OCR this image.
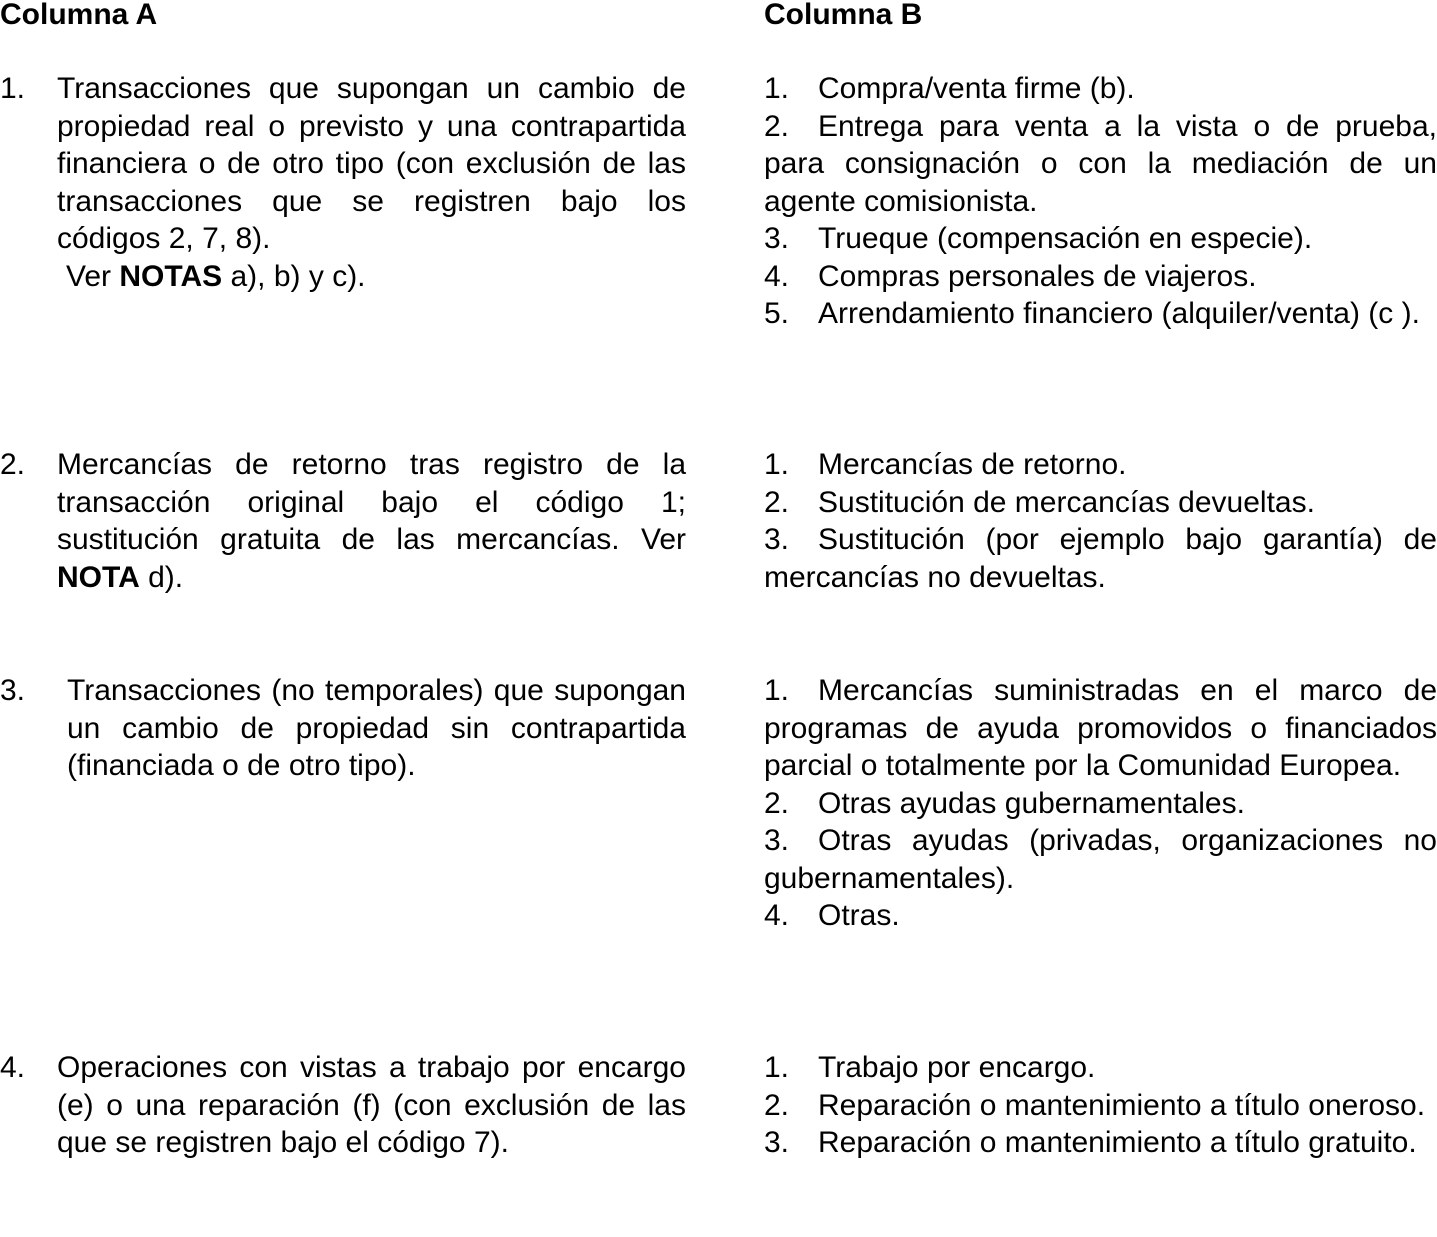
Columna A	Columna B
1. Transacciones que supongan un cambio de propiedad real o previsto y una contrapartida financiera o de otro tipo (con exclusión de las transacciones que se registren bajo los códigos 2, 7, 8).
Ver NOTAS a), b) y c).
1. Compra/venta firme (b).
2. Entrega para venta a la vista o de prueba, para consignación o con la mediación de un agente comisionista.
3. Trueque (compensación en especie).
4. Compras personales de viajeros.
5. Arrendamiento financiero (alquiler/venta) (c ).
2. Mercancías de retorno tras registro de la transacción original bajo el código 1; sustitución gratuita de las mercancías. Ver NOTA d).
1. Mercancías de retorno.
2. Sustitución de mercancías devueltas.
3. Sustitución (por ejemplo bajo garantía) de mercancías no devueltas.
3. Transacciones (no temporales) que supongan un cambio de propiedad sin contrapartida (financiada o de otro tipo).
1. Mercancías suministradas en el marco de programas de ayuda promovidos o financiados parcial o totalmente por la Comunidad Europea.
2. Otras ayudas gubernamentales.
3. Otras ayudas (privadas, organizaciones no gubernamentales).
4. Otras.
4. Operaciones con vistas a trabajo por encargo (e) o una reparación (f) (con exclusión de las que se registren bajo el código 7).
1. Trabajo por encargo.
2. Reparación o mantenimiento a título oneroso.
3. Reparación o mantenimiento a título gratuito.
